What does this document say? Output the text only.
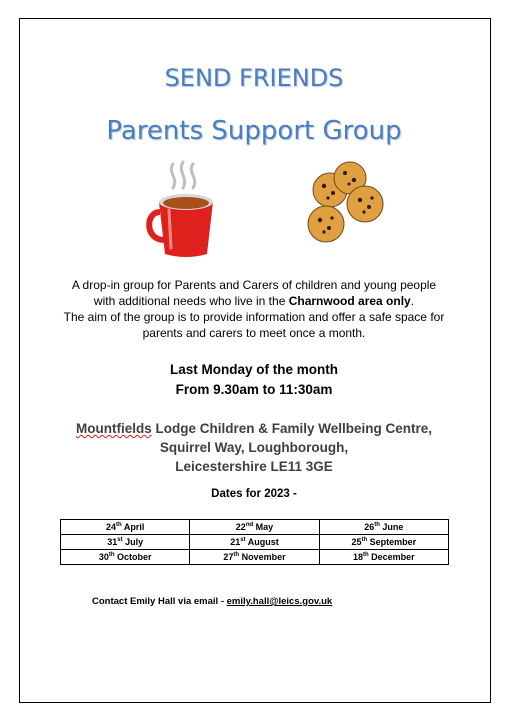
SEND FRIENDS
Parents Support Group

A drop-in group for Parents and Carers of children and young people

with additional needs who live in the Charnwood area only.

The aim of the group is to provide information and offer a safe space for

parents and carers to meet once a month.

Last Monday of the month
From 9.30am to 11:30am
Mountfields Lodge Children & Family Wellbeing Centre,
Squirrel Way, Loughborough,
Leicestershire LE11 3GE
Dates for 2023 -
24th April	22nd May	26th June
31st July	21st August	25th September
30th October	27th November	18th December
Contact Emily Hall via email - emily.hall@leics.gov.uk
